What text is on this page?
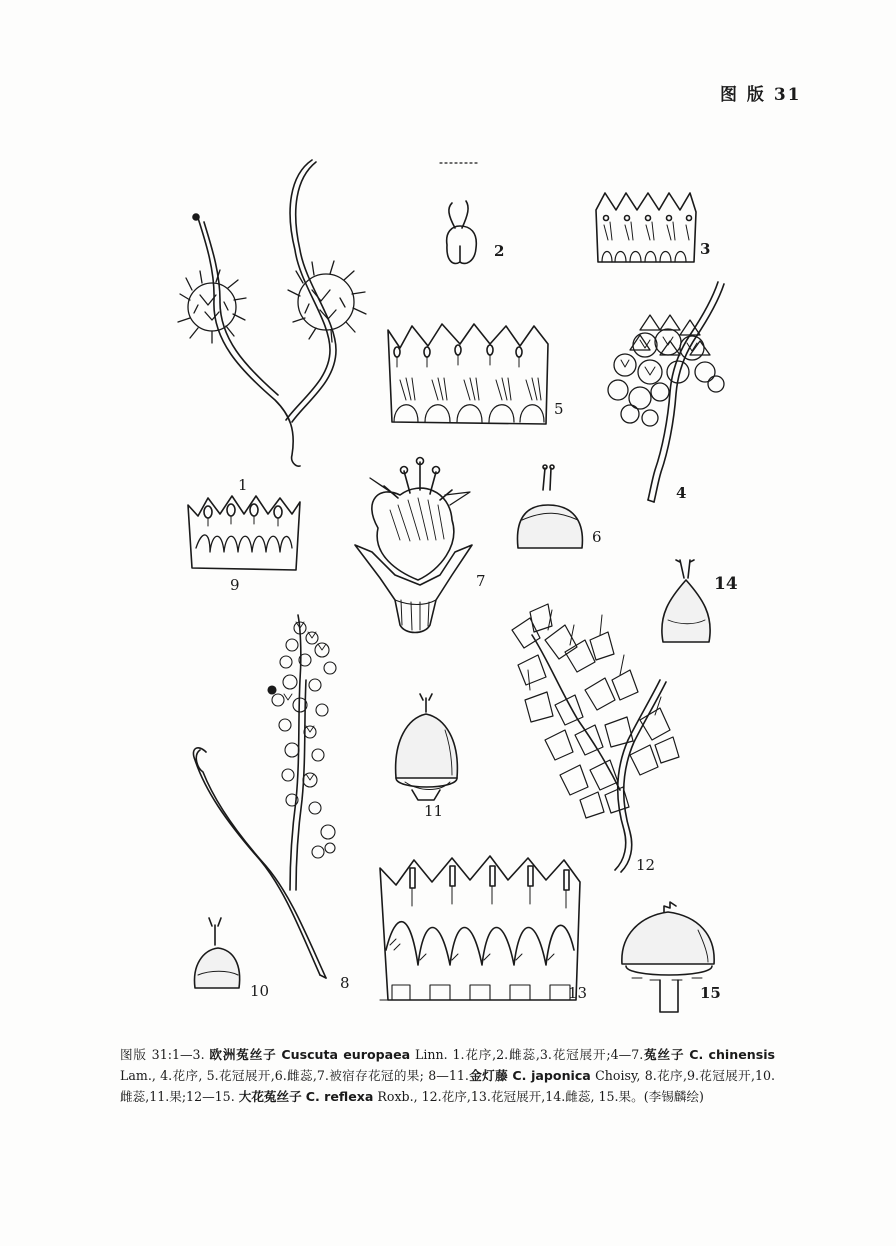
图 版 31
1
2	3
4
5
6
7
8
9
10
11
12
13
14
15
图版 31:1—3. 欧洲菟丝子 Cuscuta europaea Linn. 1.花序,2.雌蕊,3.花冠展开;4—7.菟丝子 C. chinensis Lam., 4.花序, 5.花冠展开,6.雌蕊,7.被宿存花冠的果; 8—11.金灯藤 C. japonica Choisy, 8.花序,9.花冠展开,10.雌蕊,11.果;12—15. 大花菟丝子 C. reflexa Roxb., 12.花序,13.花冠展开,14.雌蕊, 15.果。(李锡麟绘)
